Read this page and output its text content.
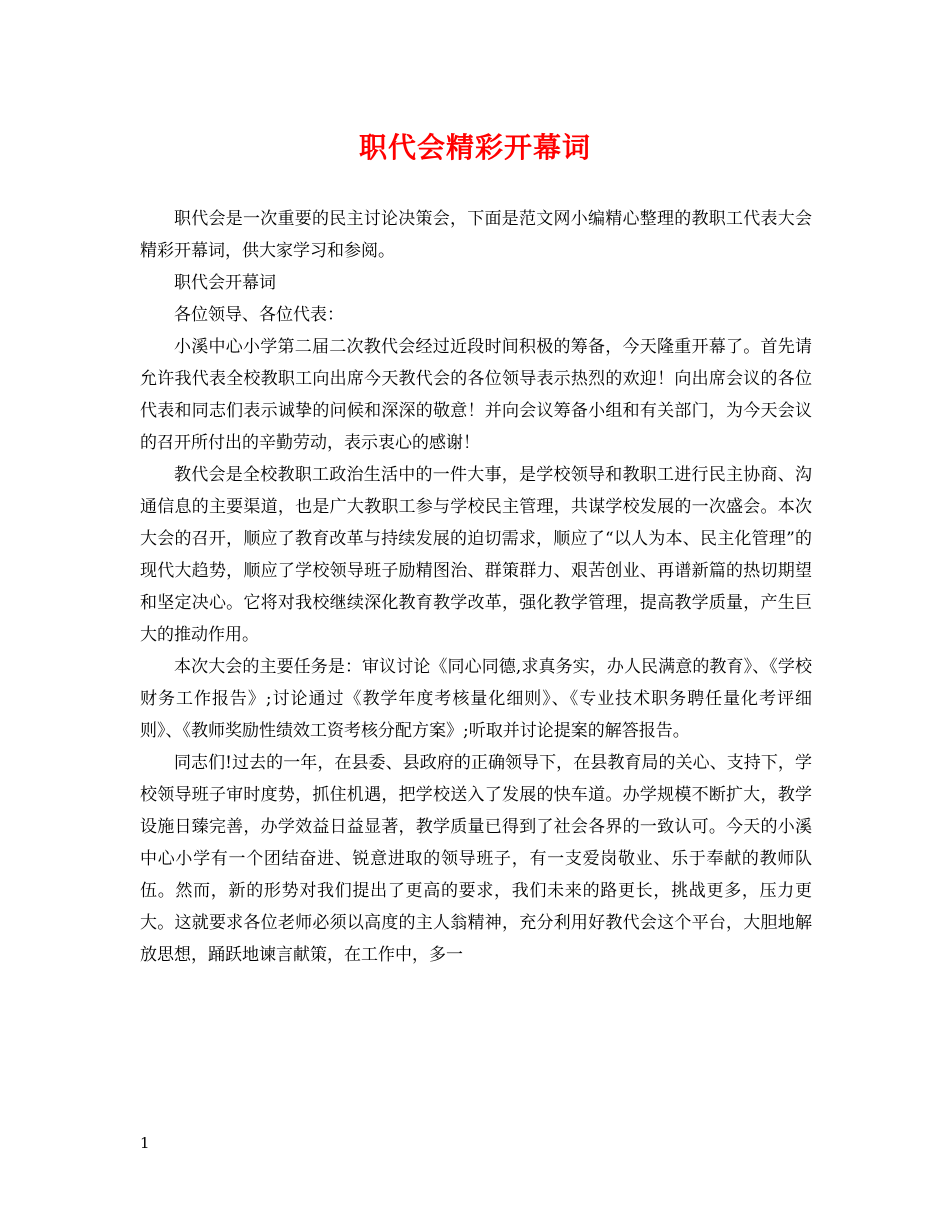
职代会精彩开幕词

职代会是一次重要的民主讨论决策会，下面是范文网小编精心整理的教职工代表大会精彩开幕词，供大家学习和参阅。

职代会开幕词

各位领导、各位代表：

小溪中心小学第二届二次教代会经过近段时间积极的筹备，今天隆重开幕了。首先请允许我代表全校教职工向出席今天教代会的各位领导表示热烈的欢迎！向出席会议的各位代表和同志们表示诚挚的问候和深深的敬意！并向会议筹备小组和有关部门，为今天会议的召开所付出的辛勤劳动，表示衷心的感谢！

教代会是全校教职工政治生活中的一件大事，是学校领导和教职工进行民主协商、沟通信息的主要渠道，也是广大教职工参与学校民主管理，共谋学校发展的一次盛会。本次大会的召开，顺应了教育改革与持续发展的迫切需求，顺应了“以人为本、民主化管理”的现代大趋势，顺应了学校领导班子励精图治、群策群力、艰苦创业、再谱新篇的热切期望和坚定决心。它将对我校继续深化教育教学改革，强化教学管理，提高教学质量，产生巨大的推动作用。

本次大会的主要任务是：审议讨论《同心同德,求真务实，办人民满意的教育》、《学校财务工作报告》;讨论通过《教学年度考核量化细则》、《专业技术职务聘任量化考评细则》、《教师奖励性绩效工资考核分配方案》;听取并讨论提案的解答报告。

同志们!过去的一年，在县委、县政府的正确领导下，在县教育局的关心、支持下，学校领导班子审时度势，抓住机遇，把学校送入了发展的快车道。办学规模不断扩大，教学设施日臻完善，办学效益日益显著，教学质量已得到了社会各界的一致认可。今天的小溪中心小学有一个团结奋进、锐意进取的领导班子，有一支爱岗敬业、乐于奉献的教师队伍。然而，新的形势对我们提出了更高的要求，我们未来的路更长，挑战更多，压力更大。这就要求各位老师必须以高度的主人翁精神，充分利用好教代会这个平台，大胆地解放思想，踊跃地谏言献策，在工作中，多一

1
